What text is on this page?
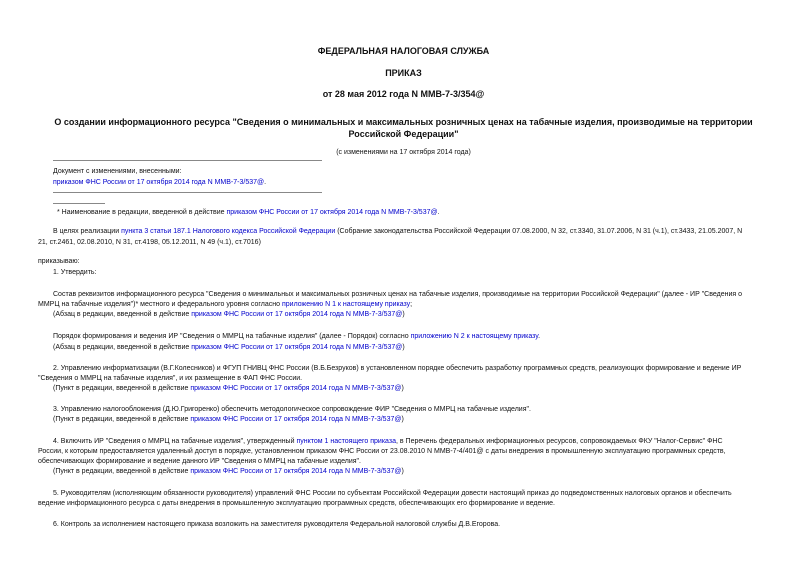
ФЕДЕРАЛЬНАЯ НАЛОГОВАЯ СЛУЖБА

ПРИКАЗ

от 28 мая 2012 года N ММВ-7-3/354@

О создании информационного ресурса "Сведения о минимальных и максимальных розничных ценах на табачные изделия, производимые на территории

Российской Федерации"

(с изменениями на 17 октября 2014 года)

Документ с изменениями, внесенными:

приказом ФНС России от 17 октября 2014 года N ММВ-7-3/537@.

* Наименование в редакции, введенной в действие приказом ФНС России от 17 октября 2014 года N ММВ-7-3/537@.

В целях реализации пункта 3 статьи 187.1 Налогового кодекса Российской Федерации (Собрание законодательства Российской Федерации 07.08.2000, N 32, ст.3340, 31.07.2006, N 31 (ч.1), ст.3433, 21.05.2007, N

21, ст.2461, 02.08.2010, N 31, ст.4198, 05.12.2011, N 49 (ч.1), ст.7016)

приказываю:

1. Утвердить:

Состав реквизитов информационного ресурса "Сведения о минимальных и максимальных розничных ценах на табачные изделия, производимые на территории Российской Федерации" (далее - ИР "Сведения о

ММРЦ на табачные изделия")* местного и федерального уровня согласно приложению N 1 к настоящему приказу;

(Абзац в редакции, введенной в действие приказом ФНС России от 17 октября 2014 года N ММВ-7-3/537@)

Порядок формирования и ведения ИР "Сведения о ММРЦ на табачные изделия" (далее - Порядок) согласно приложению N 2 к настоящему приказу.

(Абзац в редакции, введенной в действие приказом ФНС России от 17 октября 2014 года N ММВ-7-3/537@)

2. Управлению информатизации (В.Г.Колесников) и ФГУП ГНИВЦ ФНС России (В.Б.Безруков) в установленном порядке обеспечить разработку программных средств, реализующих формирование и ведение ИР

"Сведения о ММРЦ на табачные изделия", и их размещение в ФАП ФНС России.

(Пункт в редакции, введенной в действие приказом ФНС России от 17 октября 2014 года N ММВ-7-3/537@)

3. Управлению налогообложения (Д.Ю.Григоренко) обеспечить методологическое сопровождение ФИР "Сведения о ММРЦ на табачные изделия".

(Пункт в редакции, введенной в действие приказом ФНС России от 17 октября 2014 года N ММВ-7-3/537@)

4. Включить ИР "Сведения о ММРЦ на табачные изделия", утвержденный пунктом 1 настоящего приказа, в Перечень федеральных информационных ресурсов, сопровождаемых ФКУ "Налог-Сервис" ФНС

России, к которым предоставляется удаленный доступ в порядке, установленном приказом ФНС России от 23.08.2010 N ММВ-7-4/401@ с даты внедрения в промышленную эксплуатацию программных средств,

обеспечивающих формирование и ведение данного ИР "Сведения о ММРЦ на табачные изделия".

(Пункт в редакции, введенной в действие приказом ФНС России от 17 октября 2014 года N ММВ-7-3/537@)

5. Руководителям (исполняющим обязанности руководителя) управлений ФНС России по субъектам Российской Федерации довести настоящий приказ до подведомственных налоговых органов и обеспечить

ведение информационного ресурса с даты внедрения в промышленную эксплуатацию программных средств, обеспечивающих его формирование и ведение.

6. Контроль за исполнением настоящего приказа возложить на заместителя руководителя Федеральной налоговой службы Д.В.Егорова.
